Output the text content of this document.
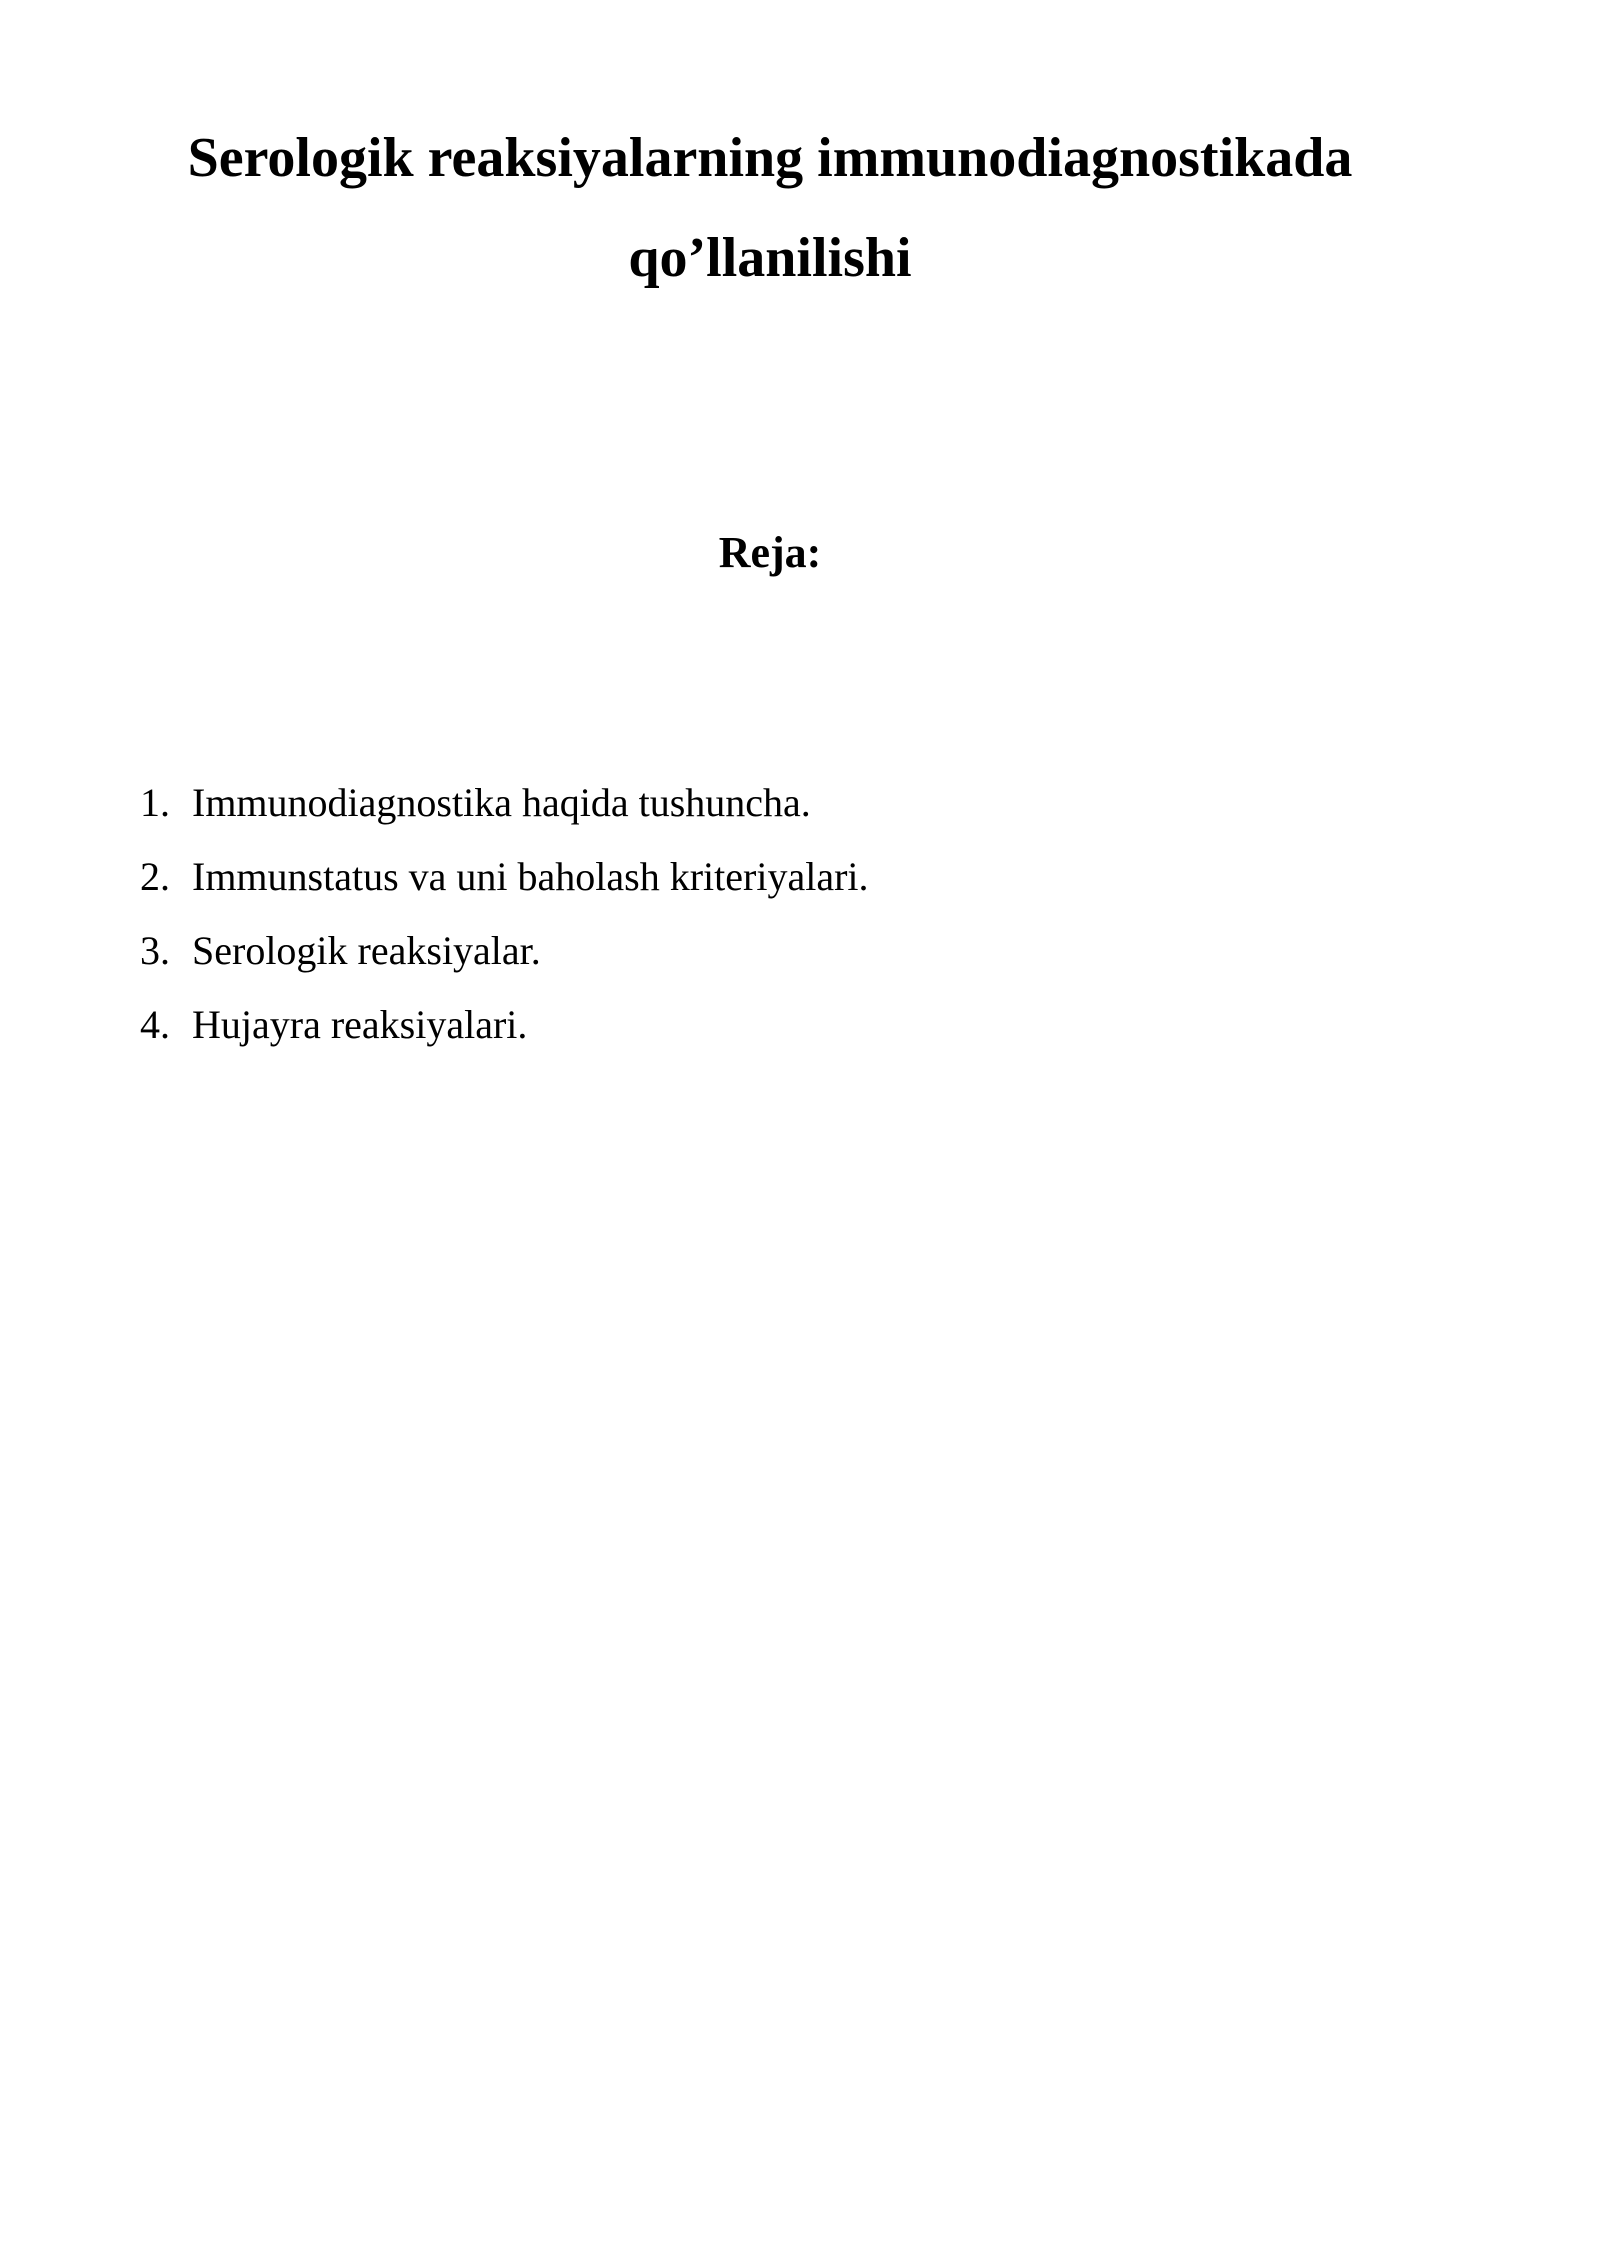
Serologik reaksiyalarning immunodiagnostikada
qo’llanilishi
Reja:
1. Immunodiagnostika haqida tushuncha.
2. Immunstatus va uni baholash kriteriyalari.
3. Serologik reaksiyalar.
4. Hujayra reaksiyalari.
